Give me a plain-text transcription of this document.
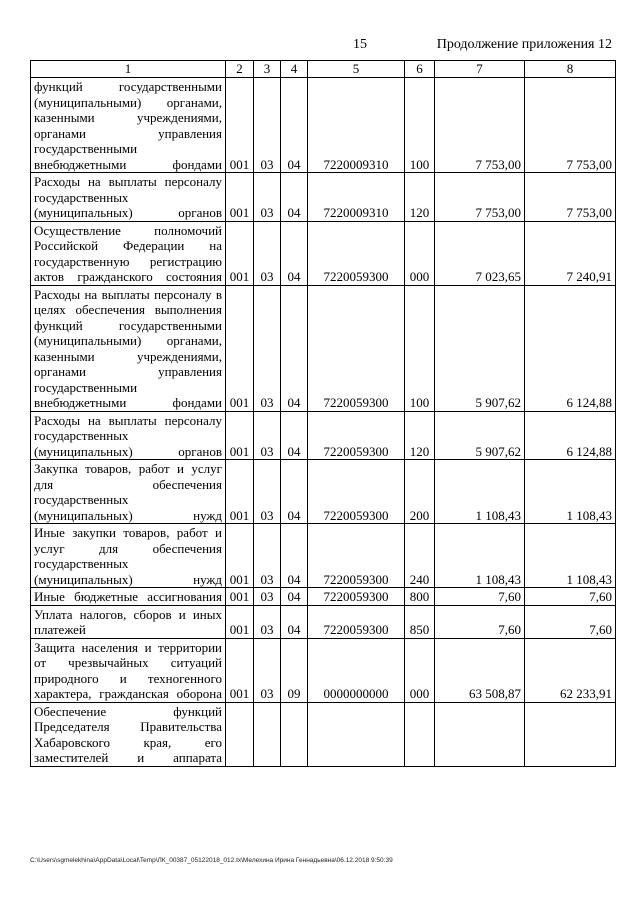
15	Продолжение приложения 12
1	2	3	4	5	6	7	8
функций государственными (муниципальными) органами, казенными учреждениями, органами управления государственными внебюджетными фондами	001	03	04	7220009310	100	7 753,00	7 753,00
Расходы на выплаты персоналу государственных (муниципальных) органов	001	03	04	7220009310	120	7 753,00	7 753,00
Осуществление полномочий Российской Федерации на государственную регистрацию актов гражданского состояния	001	03	04	7220059300	000	7 023,65	7 240,91
Расходы на выплаты персоналу в целях обеспечения выполнения функций государственными (муниципальными) органами, казенными учреждениями, органами управления государственными внебюджетными фондами	001	03	04	7220059300	100	5 907,62	6 124,88
Расходы на выплаты персоналу государственных (муниципальных) органов	001	03	04	7220059300	120	5 907,62	6 124,88
Закупка товаров, работ и услуг для обеспечения государственных (муниципальных) нужд	001	03	04	7220059300	200	1 108,43	1 108,43
Иные закупки товаров, работ и услуг для обеспечения государственных (муниципальных) нужд	001	03	04	7220059300	240	1 108,43	1 108,43
Иные бюджетные ассигнования	001	03	04	7220059300	800	7,60	7,60
Уплата налогов, сборов и иных платежей	001	03	04	7220059300	850	7,60	7,60
Защита населения и территории от чрезвычайных ситуаций природного и техногенного характера, гражданская оборона	001	03	09	0000000000	000	63 508,87	62 233,91
Обеспечение функций Председателя Правительства Хабаровского края, его заместителей и аппарата							
C:\Users\sgmelekhina\AppData\Local\Temp\ЛК_00387_05122018_012.tx\Мелехина Ирина Геннадьевна\06.12.2018 9:50:39
